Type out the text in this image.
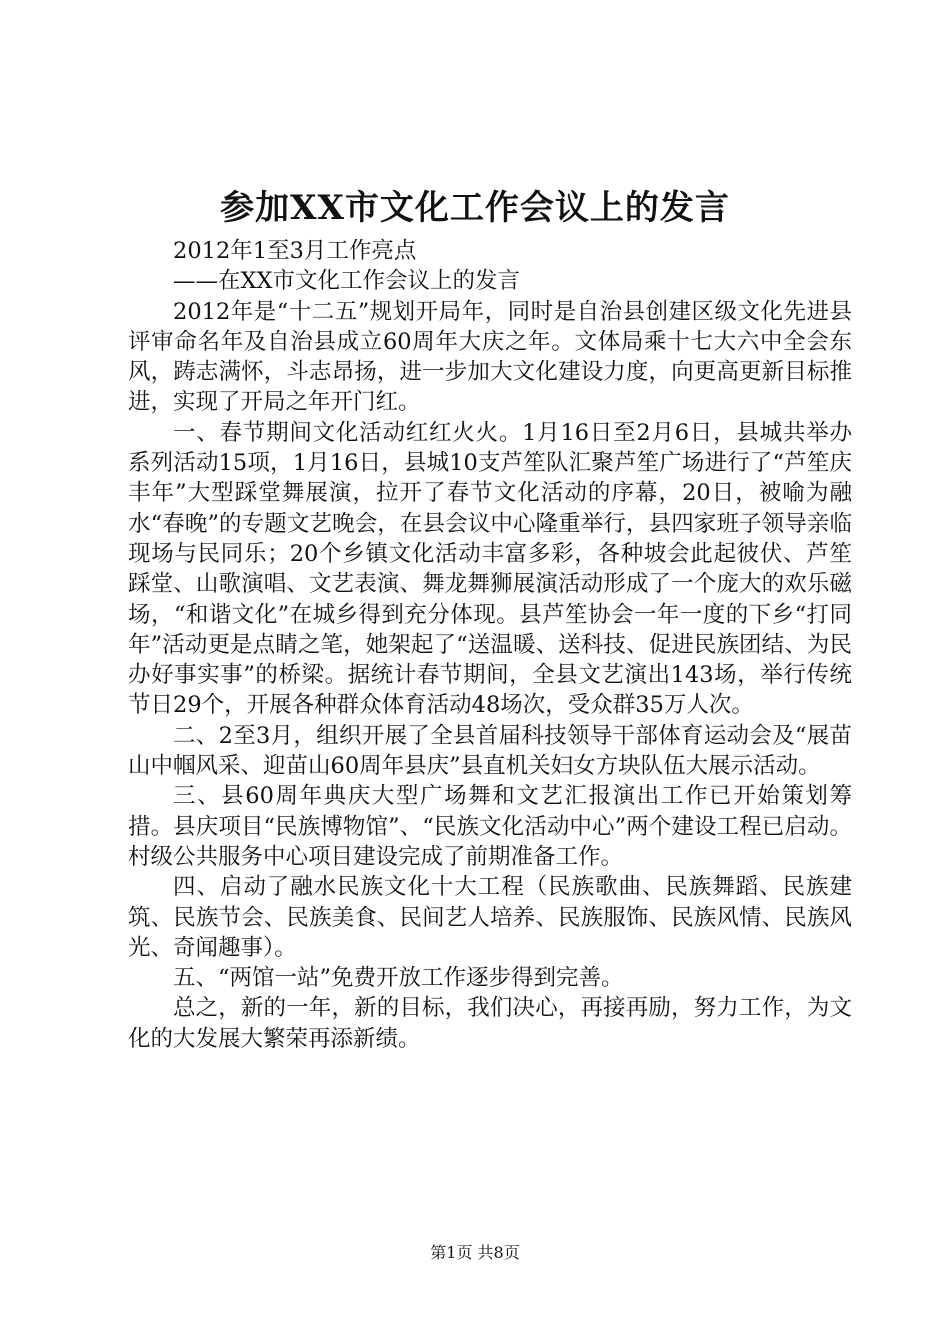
参加XX市文化工作会议上的发言

2012年1至3月工作亮点

——在XX市文化工作会议上的发言

2012年是“十二五”规划开局年，同时是自治县创建区级文化先进县评审命名年及自治县成立60周年大庆之年。文体局乘十七大六中全会东风，踌志满怀，斗志昂扬，进一步加大文化建设力度，向更高更新目标推进，实现了开局之年开门红。

一、春节期间文化活动红红火火。1月16日至2月6日，县城共举办系列活动15项，1月16日，县城10支芦笙队汇聚芦笙广场进行了“芦笙庆丰年”大型踩堂舞展演，拉开了春节文化活动的序幕，20日，被喻为融水“春晚”的专题文艺晚会，在县会议中心隆重举行，县四家班子领导亲临现场与民同乐；20个乡镇文化活动丰富多彩，各种坡会此起彼伏、芦笙踩堂、山歌演唱、文艺表演、舞龙舞狮展演活动形成了一个庞大的欢乐磁场，“和谐文化”在城乡得到充分体现。县芦笙协会一年一度的下乡“打同年”活动更是点睛之笔，她架起了“送温暖、送科技、促进民族团结、为民办好事实事”的桥梁。据统计春节期间，全县文艺演出143场，举行传统节日29个，开展各种群众体育活动48场次，受众群35万人次。

二、2至3月，组织开展了全县首届科技领导干部体育运动会及“展苗山中帼风采、迎苗山60周年县庆”县直机关妇女方块队伍大展示活动。

三、县60周年典庆大型广场舞和文艺汇报演出工作已开始策划筹措。县庆项目“民族博物馆”、“民族文化活动中心”两个建设工程已启动。村级公共服务中心项目建设完成了前期准备工作。

四、启动了融水民族文化十大工程（民族歌曲、民族舞蹈、民族建筑、民族节会、民族美食、民间艺人培养、民族服饰、民族风情、民族风光、奇闻趣事）。

五、“两馆一站”免费开放工作逐步得到完善。

总之，新的一年，新的目标，我们决心，再接再励，努力工作，为文化的大发展大繁荣再添新绩。

第1页 共8页
